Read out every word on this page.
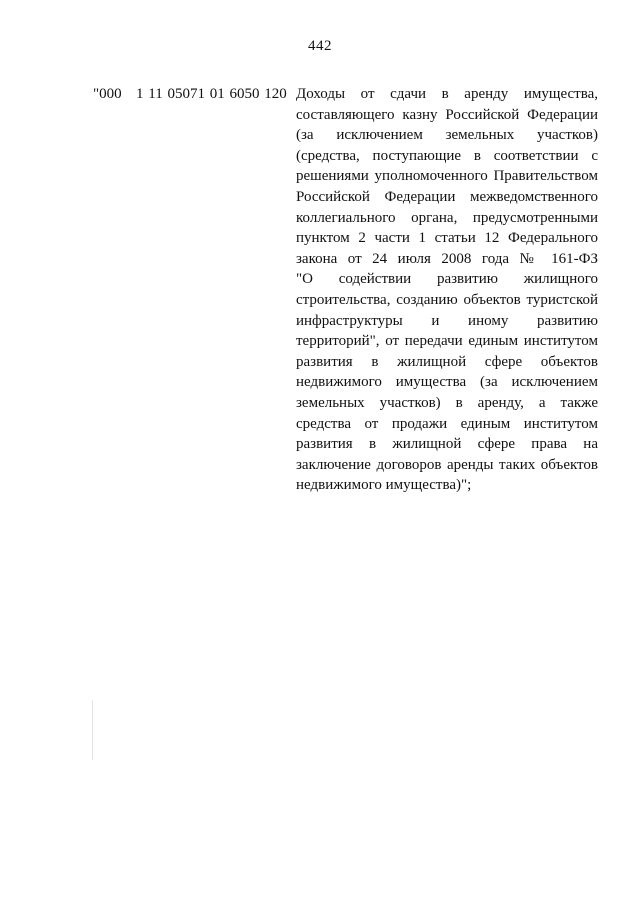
442
"000 1 11 05071 01 6050 120 Доходы от сдачи в аренду имущества,
составляющего казну Российской Федерации
(за исключением земельных участков)
(средства, поступающие в соответствии с
решениями уполномоченного Правительством
Российской Федерации межведомственного
коллегиального органа, предусмотренными
пунктом 2 части 1 статьи 12 Федерального
закона от 24 июля 2008 года № 161-ФЗ
"О содействии развитию жилищного
строительства, созданию объектов туристской
инфраструктуры и иному развитию
территорий", от передачи единым институтом
развития в жилищной сфере объектов
недвижимого имущества (за исключением
земельных участков) в аренду, а также
средства от продажи единым институтом
развития в жилищной сфере права на
заключение договоров аренды таких объектов
недвижимого имущества)";
